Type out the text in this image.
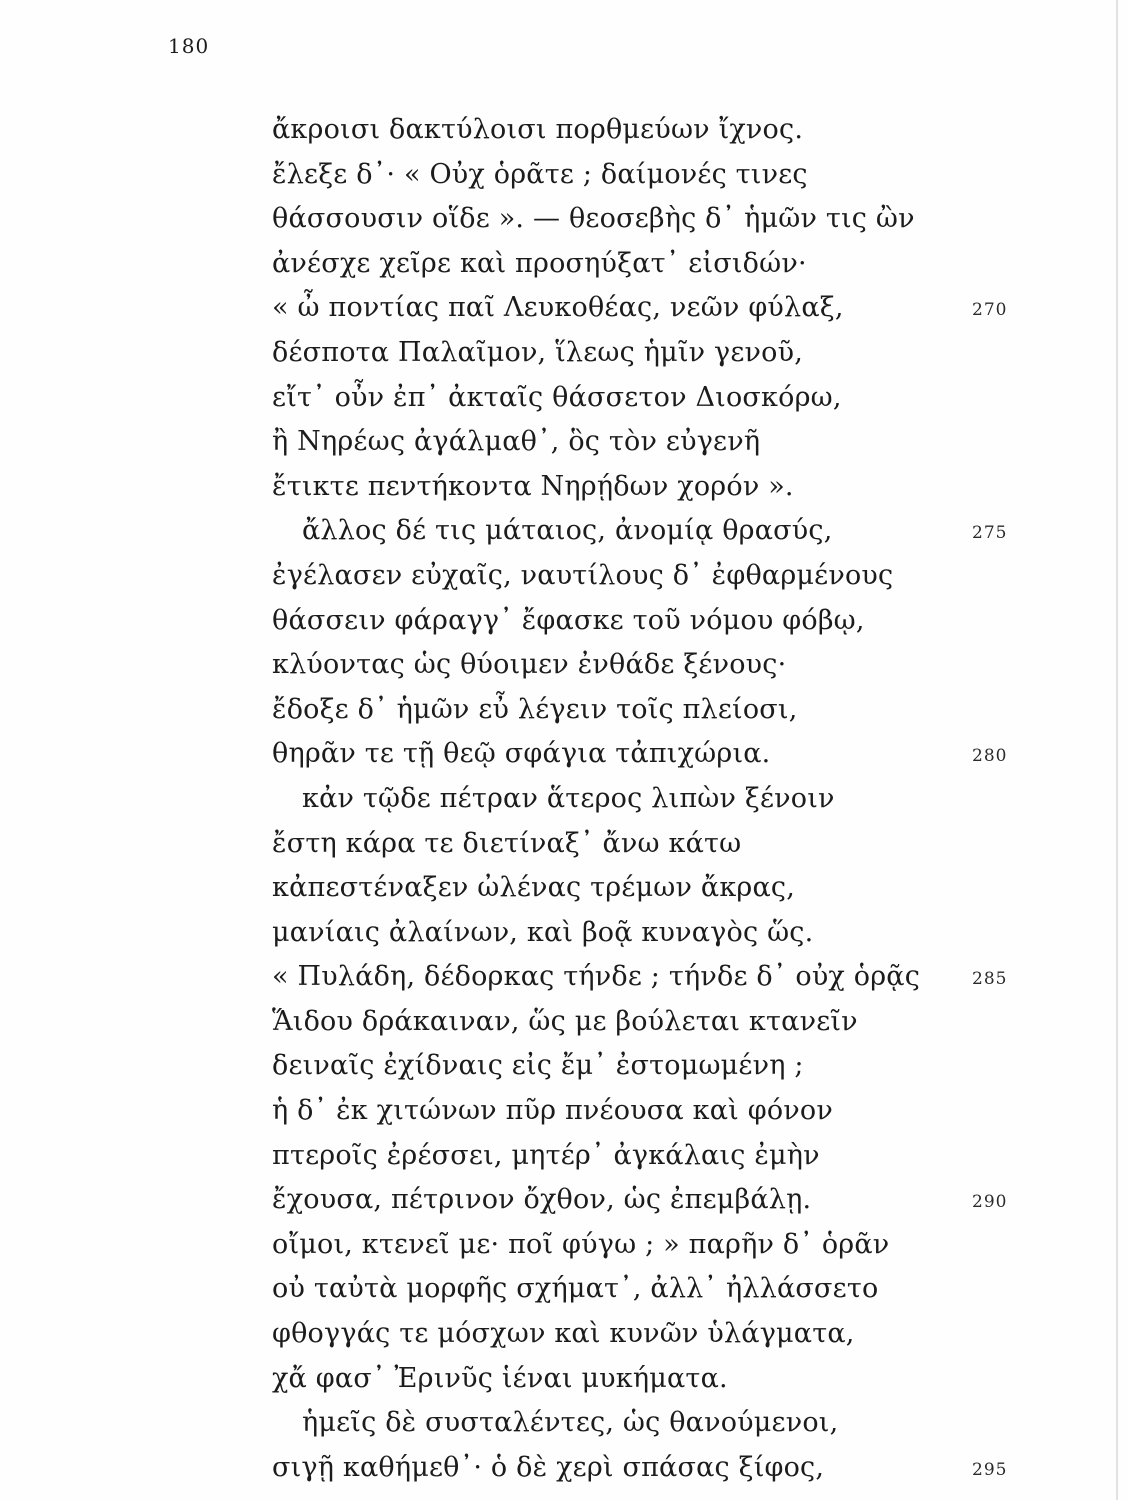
180
ἄκροισι δακτύλοισι πορθμεύων ἴχνος.
ἔλεξε δ᾽· « Οὐχ ὁρᾶτε ; δαίμονές τινες
θάσσουσιν οἵδε ». — θεοσεβὴς δ᾽ ἡμῶν τις ὢν
ἀνέσχε χεῖρε καὶ προσηύξατ᾽ εἰσιδών·
« ὦ ποντίας παῖ Λευκοθέας, νεῶν φύλαξ,	270
δέσποτα Παλαῖμον, ἵλεως ἡμῖν γενοῦ,
εἴτ᾽ οὖν ἐπ᾽ ἀκταῖς θάσσετον Διοσκόρω,
ἢ Νηρέως ἀγάλμαθ᾽, ὃς τὸν εὐγενῆ
ἔτικτε πεντήκοντα Νηρῄδων χορόν ».
ἄλλος δέ τις μάταιος, ἀνομίᾳ θρασύς,	275
ἐγέλασεν εὐχαῖς, ναυτίλους δ᾽ ἐφθαρμένους
θάσσειν φάραγγ᾽ ἔφασκε τοῦ νόμου φόβῳ,
κλύοντας ὡς θύοιμεν ἐνθάδε ξένους·
ἔδοξε δ᾽ ἡμῶν εὖ λέγειν τοῖς πλείοσι,
θηρᾶν τε τῇ θεῷ σφάγια τἀπιχώρια.	280
κἀν τῷδε πέτραν ἅτερος λιπὼν ξένοιν
ἔστη κάρα τε διετίναξ᾽ ἄνω κάτω
κἀπεστέναξεν ὠλένας τρέμων ἄκρας,
μανίαις ἀλαίνων, καὶ βοᾷ κυναγὸς ὥς.
« Πυλάδη, δέδορκας τήνδε ; τήνδε δ᾽ οὐχ ὁρᾷς	285
Ἅιδου δράκαιναν, ὥς με βούλεται κτανεῖν
δειναῖς ἐχίδναις εἰς ἔμ᾽ ἐστομωμένη ;
ἡ δ᾽ ἐκ χιτώνων πῦρ πνέουσα καὶ φόνον
πτεροῖς ἐρέσσει, μητέρ᾽ ἀγκάλαις ἐμὴν
ἔχουσα, πέτρινον ὄχθον, ὡς ἐπεμβάλῃ.	290
οἴμοι, κτενεῖ με· ποῖ φύγω ; » παρῆν δ᾽ ὁρᾶν
οὐ ταὐτὰ μορφῆς σχήματ᾽, ἀλλ᾽ ἠλλάσσετο
φθογγάς τε μόσχων καὶ κυνῶν ὑλάγματα,
χἄ φασ᾽ Ἐρινῦς ἱέναι μυκήματα.
ἡμεῖς δὲ συσταλέντες, ὡς θανούμενοι,
σιγῇ καθήμεθ᾽· ὁ δὲ χερὶ σπάσας ξίφος,	295
